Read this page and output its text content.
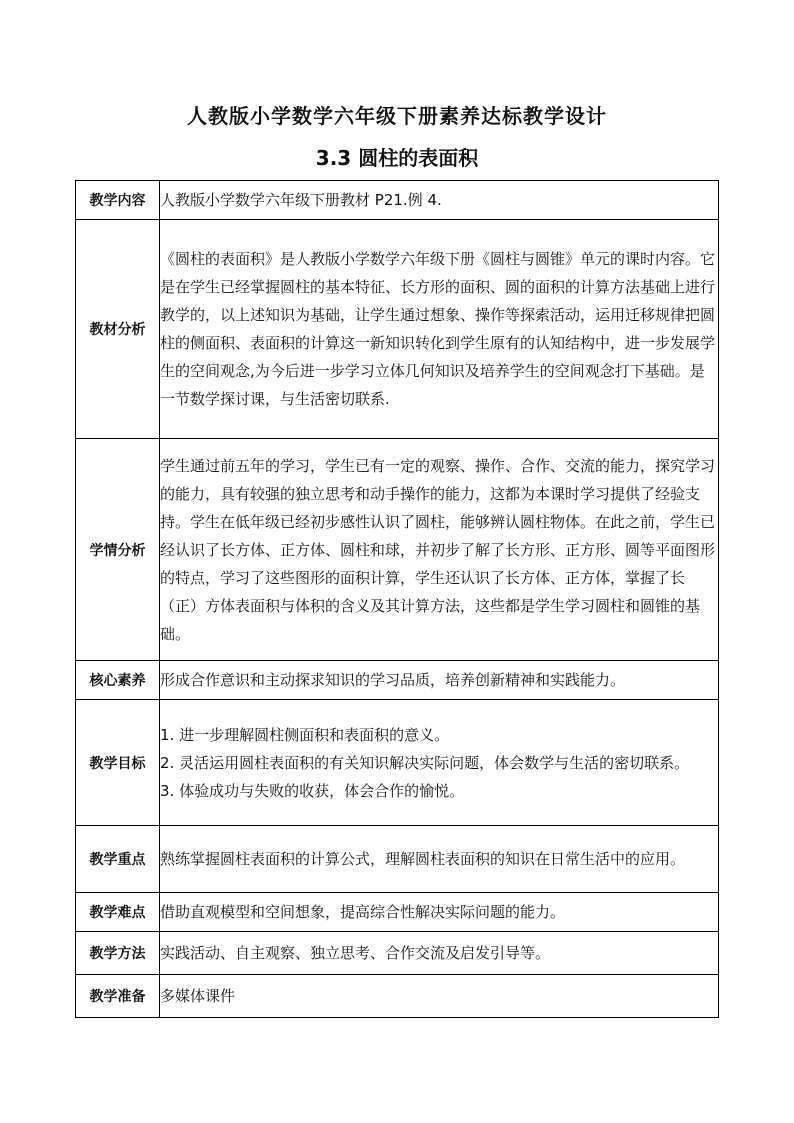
人教版小学数学六年级下册素养达标教学设计
3.3 圆柱的表面积
教学内容	人教版小学数学六年级下册教材 P21.例 4.
教材分析	《圆柱的表面积》是人教版小学数学六年级下册《圆柱与圆锥》单元的课时内容。它是在学生已经掌握圆柱的基本特征、长方形的面积、圆的面积的计算方法基础上进行教学的，以上述知识为基础，让学生通过想象、操作等探索活动，运用迁移规律把圆柱的侧面积、表面积的计算这一新知识转化到学生原有的认知结构中，进一步发展学生的空间观念,为今后进一步学习立体几何知识及培养学生的空间观念打下基础。是一节数学探讨课，与生活密切联系.
学情分析	学生通过前五年的学习，学生已有一定的观察、操作、合作、交流的能力，探究学习的能力，具有较强的独立思考和动手操作的能力，这都为本课时学习提供了经验支持。学生在低年级已经初步感性认识了圆柱，能够辨认圆柱物体。在此之前，学生已经认识了长方体、正方体、圆柱和球，并初步了解了长方形、正方形、圆等平面图形的特点，学习了这些图形的面积计算，学生还认识了长方体、正方体，掌握了长（正）方体表面积与体积的含义及其计算方法，这些都是学生学习圆柱和圆锥的基础。
核心素养	形成合作意识和主动探求知识的学习品质，培养创新精神和实践能力。
教学目标	1. 进一步理解圆柱侧面积和表面积的意义。
2. 灵活运用圆柱表面积的有关知识解决实际问题，体会数学与生活的密切联系。
3. 体验成功与失败的收获，体会合作的愉悦。

教学重点	熟练掌握圆柱表面积的计算公式，理解圆柱表面积的知识在日常生活中的应用。
教学难点	借助直观模型和空间想象，提高综合性解决实际问题的能力。
教学方法	实践活动、自主观察、独立思考、合作交流及启发引导等。
教学准备	多媒体课件
